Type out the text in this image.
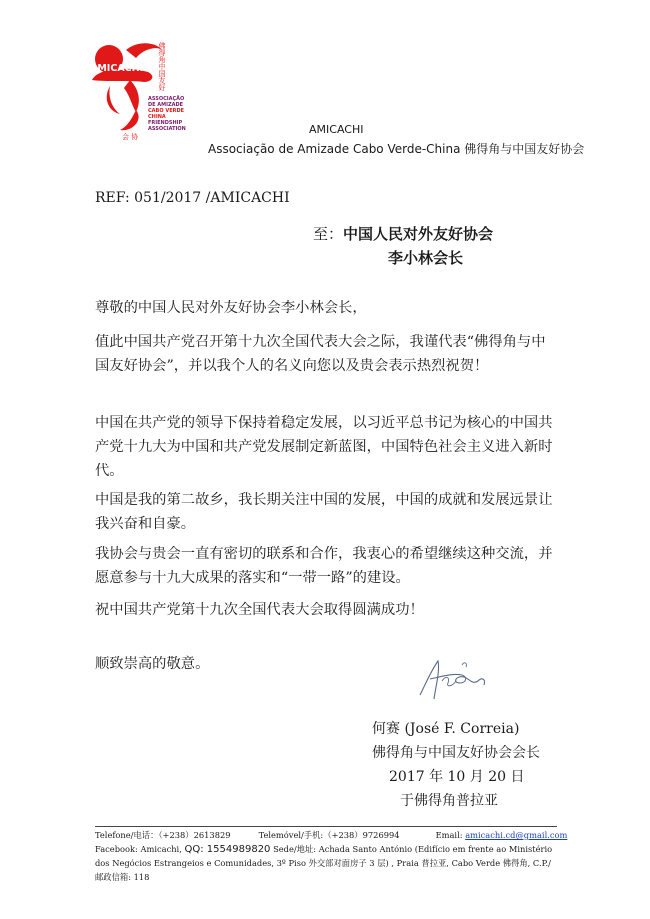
AMICACHI 佛得角中国友好
ASSOCIAÇÃO
DE AMIZADE
CABO VERDE
CHINA
FRIENDSHIP
ASSOCIATION
会 协
AMICACHI
Associação de Amizade Cabo Verde-China 佛得角与中国友好协会
REF: 051/2017 /AMICACHI
至：中国人民对外友好协会
李小林会长
尊敬的中国人民对外友好协会李小林会长，
值此中国共产党召开第十九次全国代表大会之际，我谨代表“佛得角与中国友好协会”，并以我个人的名义向您以及贵会表示热烈祝贺！
中国在共产党的领导下保持着稳定发展，以习近平总书记为核心的中国共产党十九大为中国和共产党发展制定新蓝图，中国特色社会主义进入新时代。
中国是我的第二故乡，我长期关注中国的发展，中国的成就和发展远景让我兴奋和自豪。
我协会与贵会一直有密切的联系和合作，我衷心的希望继续这种交流，并愿意参与十九大成果的落实和“一带一路”的建设。
祝中国共产党第十九次全国代表大会取得圆满成功！
顺致崇高的敬意。
何赛 (José F. Correia)
佛得角与中国友好协会会长
2017 年 10 月 20 日
于佛得角普拉亚
Telefone/电话：（+238）2613829	Telemóvel/手机:（+238）9726994	Email: amicachi.cd@gmail.com
Facebook: Amicachi, QQ: 1554989820 Sede/地址: Achada Santo António (Edifício em frente ao Ministério
dos Negócios Estrangeios e Comunidades, 3º Piso 外交部对面房子 3 层) , Praia 普拉亚, Cabo Verde 佛得角, C.P./
邮政信箱: 118
